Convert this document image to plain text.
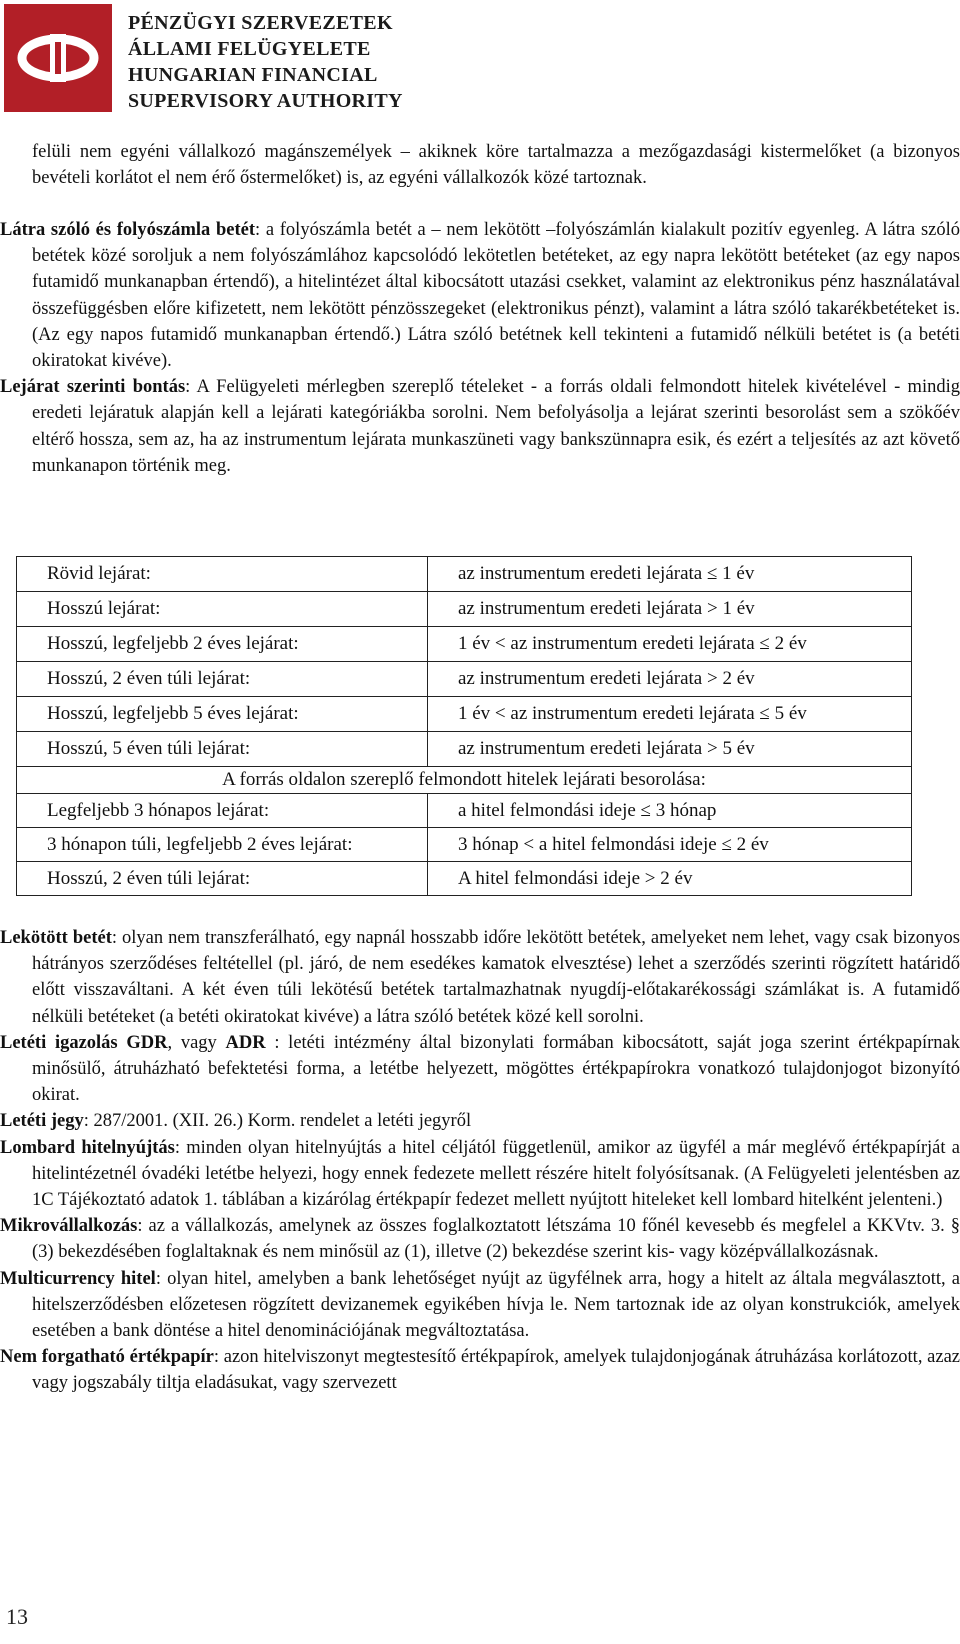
PÉNZÜGYI SZERVEZETEK
ÁLLAMI FELÜGYELETE
HUNGARIAN FINANCIAL
SUPERVISORY AUTHORITY
felüli nem egyéni vállalkozó magánszemélyek – akiknek köre tartalmazza a mezőgazdasági kistermelőket (a bizonyos bevételi korlátot el nem érő őstermelőket) is, az egyéni vállalkozók közé tartoznak.

Látra szóló és folyószámla betét: a folyószámla betét a – nem lekötött –folyószámlán kialakult pozitív egyenleg. A látra szóló betétek közé soroljuk a nem folyószámlához kapcsolódó lekötetlen betéteket, az egy napra lekötött betéteket (az egy napos futamidő munkanapban értendő), a hitelintézet által kibocsátott utazási csekket, valamint az elektronikus pénz használatával összefüggésben előre kifizetett, nem lekötött pénzösszegeket (elektronikus pénzt), valamint a látra szóló takarékbetéteket is. (Az egy napos futamidő munkanapban értendő.) Látra szóló betétnek kell tekinteni a futamidő nélküli betétet is (a betéti okiratokat kivéve).

Lejárat szerinti bontás: A Felügyeleti mérlegben szereplő tételeket - a forrás oldali felmondott hitelek kivételével - mindig eredeti lejáratuk alapján kell a lejárati kategóriákba sorolni. Nem befolyásolja a lejárat szerinti besorolást sem a szökőév eltérő hossza, sem az, ha az instrumentum lejárata munkaszüneti vagy bankszünnapra esik, és ezért a teljesítés az azt követő munkanapon történik meg.

Rövid lejárat:	az instrumentum eredeti lejárata ≤ 1 év
Hosszú lejárat:	az instrumentum eredeti lejárata > 1 év
Hosszú, legfeljebb 2 éves lejárat:	1 év < az instrumentum eredeti lejárata ≤ 2 év
Hosszú, 2 éven túli lejárat:	az instrumentum eredeti lejárata > 2 év
Hosszú, legfeljebb 5 éves lejárat:	1 év < az instrumentum eredeti lejárata ≤ 5 év
Hosszú, 5 éven túli lejárat:	az instrumentum eredeti lejárata > 5 év
A forrás oldalon szereplő felmondott hitelek lejárati besorolása:	
Legfeljebb 3 hónapos lejárat:	a hitel felmondási ideje ≤ 3 hónap
3 hónapon túli, legfeljebb 2 éves lejárat:	3 hónap < a hitel felmondási ideje ≤ 2 év
Hosszú, 2 éven túli lejárat:	A hitel felmondási ideje > 2 év

Lekötött betét: olyan nem transzferálható, egy napnál hosszabb időre lekötött betétek, amelyeket nem lehet, vagy csak bizonyos hátrányos szerződéses feltétellel (pl. járó, de nem esedékes kamatok elvesztése) lehet a szerződés szerinti rögzített határidő előtt visszaváltani. A két éven túli lekötésű betétek tartalmazhatnak nyugdíj-előtakarékossági számlákat is. A futamidő nélküli betéteket (a betéti okiratokat kivéve) a látra szóló betétek közé kell sorolni.

Letéti igazolás GDR, vagy ADR : letéti intézmény által bizonylati formában kibocsátott, saját joga szerint értékpapírnak minősülő, átruházható befektetési forma, a letétbe helyezett, mögöttes értékpapírokra vonatkozó tulajdonjogot bizonyító okirat.

Letéti jegy: 287/2001. (XII. 26.) Korm. rendelet a letéti jegyről

Lombard hitelnyújtás: minden olyan hitelnyújtás a hitel céljától függetlenül, amikor az ügyfél a már meglévő értékpapírját a hitelintézetnél óvadéki letétbe helyezi, hogy ennek fedezete mellett részére hitelt folyósítsanak. (A Felügyeleti jelentésben az 1C Tájékoztató adatok 1. táblában a kizárólag értékpapír fedezet mellett nyújtott hiteleket kell lombard hitelként jelenteni.)

Mikrovállalkozás: az a vállalkozás, amelynek az összes foglalkoztatott létszáma 10 főnél kevesebb és megfelel a KKVtv. 3. § (3) bekezdésében foglaltaknak és nem minősül az (1), illetve (2) bekezdése szerint kis- vagy középvállalkozásnak.

Multicurrency hitel: olyan hitel, amelyben a bank lehetőséget nyújt az ügyfélnek arra, hogy a hitelt az általa megválasztott, a hitelszerződésben előzetesen rögzített devizanemek egyikében hívja le. Nem tartoznak ide az olyan konstrukciók, amelyek esetében a bank döntése a hitel denominációjának megváltoztatása.

Nem forgatható értékpapír: azon hitelviszonyt megtestesítő értékpapírok, amelyek tulajdonjogának átruházása korlátozott, azaz vagy jogszabály tiltja eladásukat, vagy szervezett

13
